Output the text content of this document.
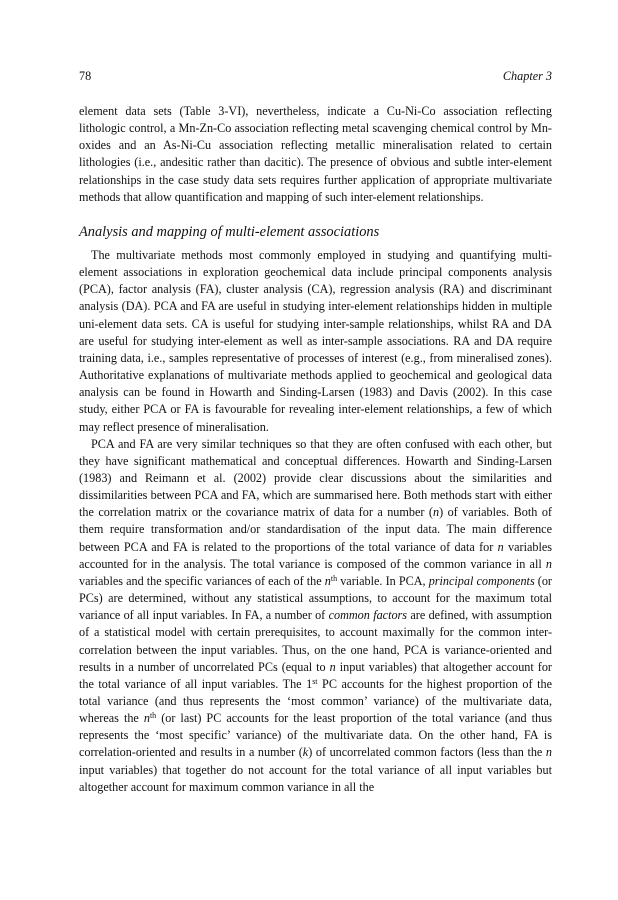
78	Chapter 3

element data sets (Table 3-VI), nevertheless, indicate a Cu-Ni-Co association reflecting lithologic control, a Mn-Zn-Co association reflecting metal scavenging chemical control by Mn-oxides and an As-Ni-Cu association reflecting metallic mineralisation related to certain lithologies (i.e., andesitic rather than dacitic). The presence of obvious and subtle inter-element relationships in the case study data sets requires further application of appropriate multivariate methods that allow quantification and mapping of such inter-element relationships.

Analysis and mapping of multi-element associations

The multivariate methods most commonly employed in studying and quantifying multi-element associations in exploration geochemical data include principal components analysis (PCA), factor analysis (FA), cluster analysis (CA), regression analysis (RA) and discriminant analysis (DA). PCA and FA are useful in studying inter-element relationships hidden in multiple uni-element data sets. CA is useful for studying inter-sample relationships, whilst RA and DA are useful for studying inter-element as well as inter-sample associations. RA and DA require training data, i.e., samples representative of processes of interest (e.g., from mineralised zones). Authoritative explanations of multivariate methods applied to geochemical and geological data analysis can be found in Howarth and Sinding-Larsen (1983) and Davis (2002). In this case study, either PCA or FA is favourable for revealing inter-element relationships, a few of which may reflect presence of mineralisation.

PCA and FA are very similar techniques so that they are often confused with each other, but they have significant mathematical and conceptual differences. Howarth and Sinding-Larsen (1983) and Reimann et al. (2002) provide clear discussions about the similarities and dissimilarities between PCA and FA, which are summarised here. Both methods start with either the correlation matrix or the covariance matrix of data for a number (n) of variables. Both of them require transformation and/or standardisation of the input data. The main difference between PCA and FA is related to the proportions of the total variance of data for n variables accounted for in the analysis. The total variance is composed of the common variance in all n variables and the specific variances of each of the $n^{th}$ variable. In PCA, principal components (or PCs) are determined, without any statistical assumptions, to account for the maximum total variance of all input variables. In FA, a number of common factors are defined, with assumption of a statistical model with certain prerequisites, to account maximally for the common inter-correlation between the input variables. Thus, on the one hand, PCA is variance-oriented and results in a number of uncorrelated PCs (equal to n input variables) that altogether account for the total variance of all input variables. The 1st PC accounts for the highest proportion of the total variance (and thus represents the ‘most common’ variance) of the multivariate data, whereas the $n^{th}$ (or last) PC accounts for the least proportion of the total variance (and thus represents the ‘most specific’ variance) of the multivariate data. On the other hand, FA is correlation-oriented and results in a number (k) of uncorrelated common factors (less than the n input variables) that together do not account for the total variance of all input variables but altogether account for maximum common variance in all the
